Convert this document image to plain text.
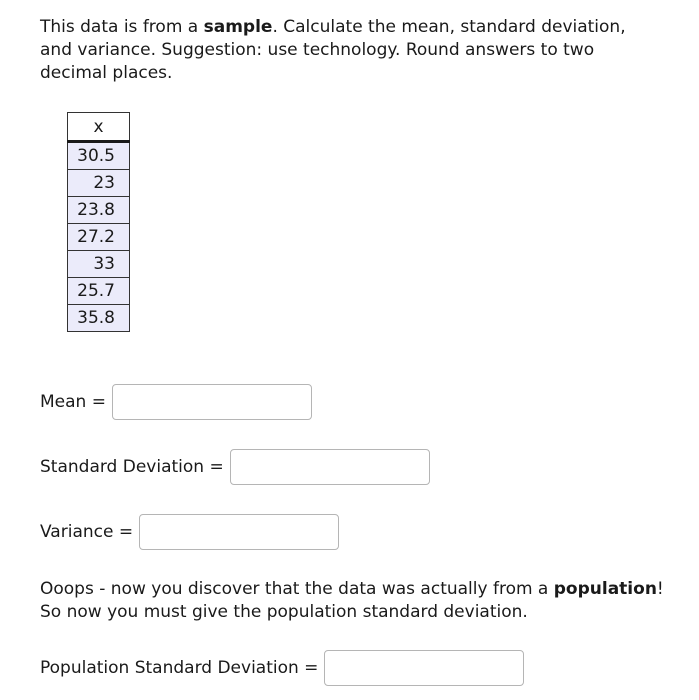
This data is from a sample. Calculate the mean, standard deviation, and variance. Suggestion: use technology. Round answers to two decimal places.

x
30.5
23
23.8
27.2
33
25.7
35.8
Mean =
Standard Deviation =
Variance =

Ooops - now you discover that the data was actually from a population! So now you must give the population standard deviation.

Population Standard Deviation =
